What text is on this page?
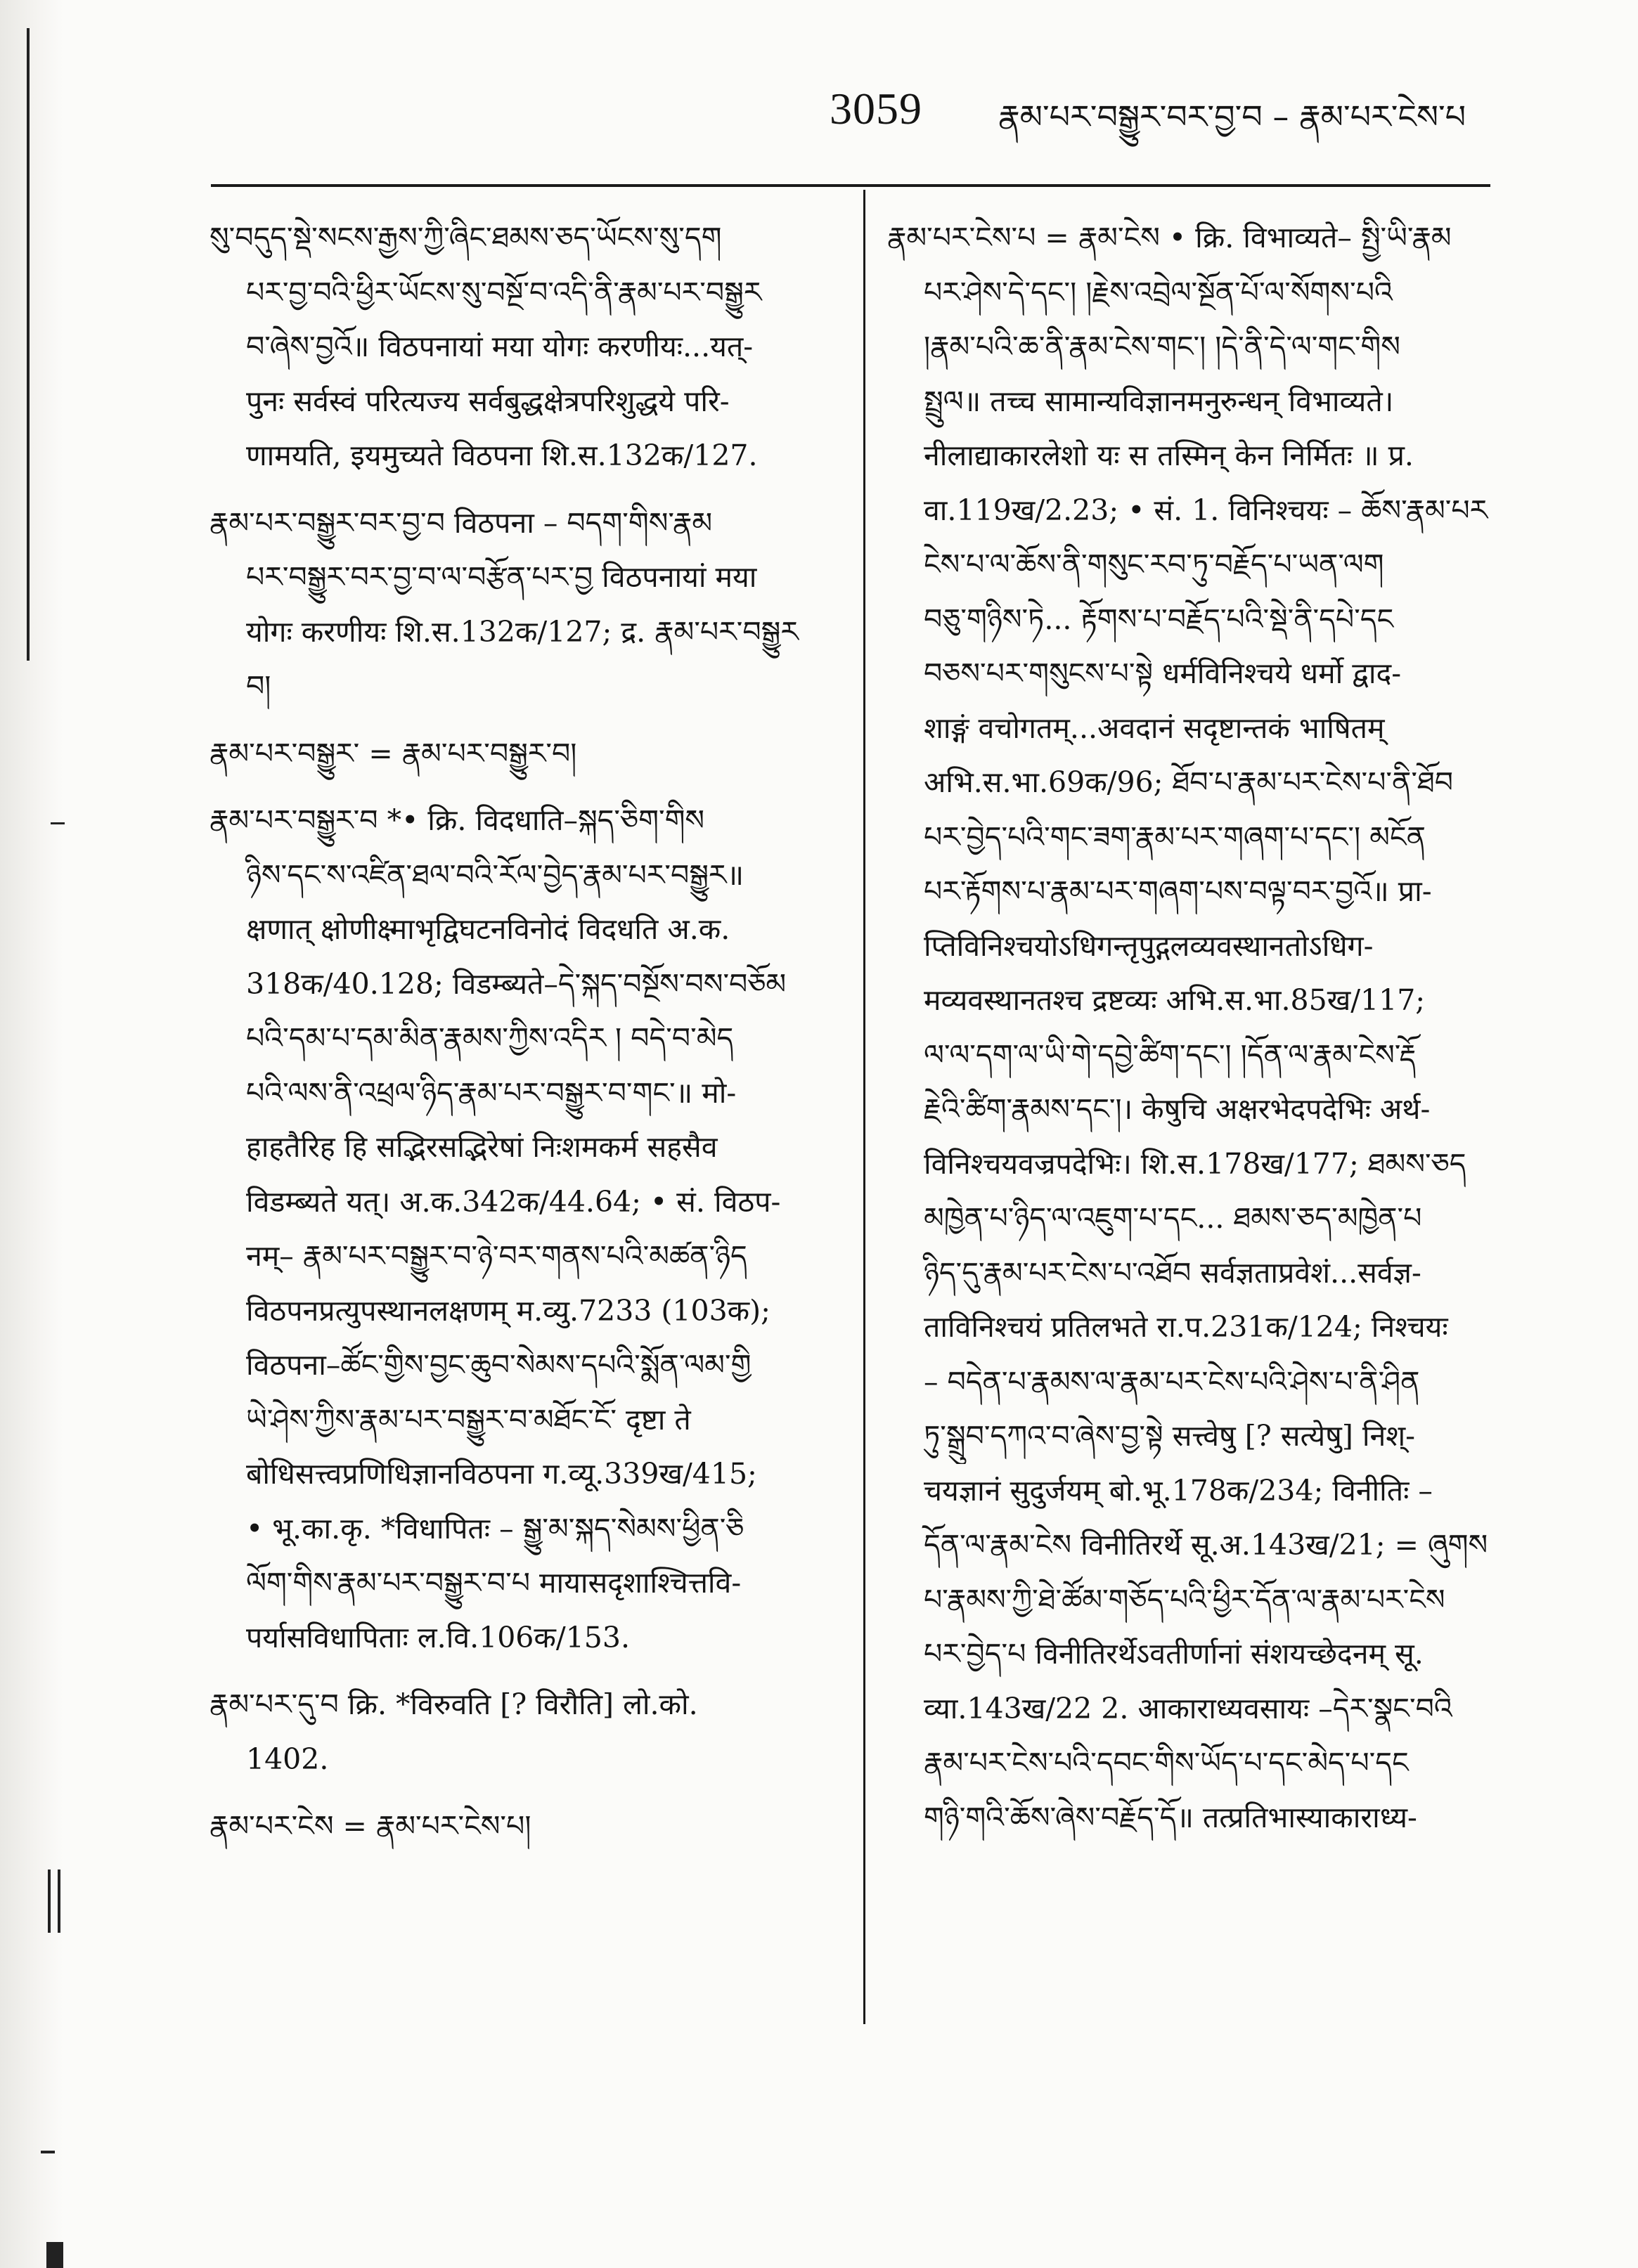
3059 རྣམ་པར་བསྒྱུར་བར་བྱ་བ – རྣམ་པར་ངེས་པ
སུ་བདུད་སྡེ་སངས་རྒྱས་ཀྱི་ཞིང་ཐམས་ཅད་ཡོངས་སུ་དག
པར་བྱ་བའི་ཕྱིར་ཡོངས་སུ་བསྔོ་བ་འདི་ནི་རྣམ་པར་བསྒྱུར
བ་ཞེས་བྱའོ॥ विठपनायां मया योगः करणीयः...यत्-
पुनः सर्वस्वं परित्यज्य सर्वबुद्धक्षेत्रपरिशुद्धये परि-
णामयति, इयमुच्यते विठपना शि.स.132क/127.
རྣམ་པར་བསྒྱུར་བར་བྱ་བ विठपना – བདག་གིས་རྣམ
པར་བསྒྱུར་བར་བྱ་བ་ལ་བརྩོན་པར་བྱ विठपनायां मया
योगः करणीयः शि.स.132क/127; द्र. རྣམ་པར་བསྒྱུར
བ།
རྣམ་པར་བསྒྱུར་ = རྣམ་པར་བསྒྱུར་བ།
རྣམ་པར་བསྒྱུར་བ *• क्रि. विदधाति–སྐད་ཅིག་གིས
ཉིས་དང་ས་འཛིན་ཐལ་བའི་རོལ་བྱེད་རྣམ་པར་བསྒྱུར॥
क्षणात् क्षोणीक्ष्माभृद्विघटनविनोदं विदधति अ.क.
318क/40.128; विडम्ब्यते–དེ་སྐད་བསྔོས་བས་བཅོམ
པའི་དམ་པ་དམ་མིན་རྣམས་ཀྱིས་འདིར ། བདེ་བ་མེད
པའི་ལས་ནི་འཕྲལ་ཉིད་རྣམ་པར་བསྒྱུར་བ་གང་॥ मो-
हाहतैरिह हि सद्भिरसद्भिरेषां निःशमकर्म सहसैव
विडम्ब्यते यत्। अ.क.342क/44.64; • सं. विठप-
नम्– རྣམ་པར་བསྒྱུར་བ་ཉེ་བར་གནས་པའི་མཚན་ཉིད
विठपनप्रत्युपस्थानलक्षणम् म.व्यु.7233 (103क);
विठपना–ཚོང་གྱིས་བྱང་ཆུབ་སེམས་དཔའི་སྨོན་ལམ་གྱི
ཡེ་ཤེས་ཀྱིས་རྣམ་པར་བསྒྱུར་བ་མཐོང་ངོ་ दृष्टा ते
बोधिसत्त्वप्रणिधिज्ञानविठपना ग.व्यू.339ख/415;
• भू.का.कृ. *विधापितः – སྒྱུ་མ་སྐད་སེམས་ཕྱིན་ཅི
ལོག་གིས་རྣམ་པར་བསྒྱུར་བ་པ मायासदृशाश्चित्तवि-
पर्यासविधापिताः ल.वि.106क/153.
རྣམ་པར་དུ་བ क्रि. *विरुवति [? विरौति] लो.को.
1402.
རྣམ་པར་ངེས = རྣམ་པར་ངེས་པ།
རྣམ་པར་ངེས་པ = རྣམ་ངེས • क्रि. विभाव्यते– སྤྱི་ཡི་རྣམ
པར་ཤེས་དེ་དང་། །རྗེས་འབྲེལ་སྔོན་པོ་ལ་སོགས་པའི
།རྣམ་པའི་ཆ་ནི་རྣམ་ངེས་གང་། །དེ་ནི་དེ་ལ་གང་གིས
སྤྲུལ॥ तच्च सामान्यविज्ञानमनुरुन्धन् विभाव्यते।
नीलाद्याकारलेशो यः स तस्मिन् केन निर्मितः ॥ प्र.
वा.119ख/2.23; • सं. 1. विनिश्चयः – ཆོས་རྣམ་པར
ངེས་པ་ལ་ཆོས་ནི་གསུང་རབ་ཏུ་བརྗོད་པ་ཡན་ལག
བཅུ་གཉིས་ཏེ... རྟོགས་པ་བརྗོད་པའི་སྡེ་ནི་དཔེ་དང
བཅས་པར་གསུངས་པ་སྟེ धर्मविनिश्चये धर्मो द्वाद-
शाङ्गं वचोगतम्...अवदानं सदृष्टान्तकं भाषितम्
अभि.स.भा.69क/96; ཐོབ་པ་རྣམ་པར་ངེས་པ་ནི་ཐོབ
པར་བྱེད་པའི་གང་ཟག་རྣམ་པར་གཞག་པ་དང་། མངོན
པར་རྟོགས་པ་རྣམ་པར་གཞག་པས་བལྟ་བར་བྱའོ॥ प्रा-
प्तिविनिश्चयोऽधिगन्तृपुद्गलव्यवस्थानतोऽधिग-
मव्यवस्थानतश्च द्रष्टव्यः अभि.स.भा.85ख/117;
ལ་ལ་དག་ལ་ཡི་གེ་དབྱེ་ཚིག་དང་། །དོན་ལ་རྣམ་ངེས་རྡོ
རྗེའི་ཚིག་རྣམས་དང་།। केषुचि अक्षरभेदपदेभिः अर्थ-
विनिश्चयवज्रपदेभिः। शि.स.178ख/177; ཐམས་ཅད
མཁྱེན་པ་ཉིད་ལ་འཇུག་པ་དང... ཐམས་ཅད་མཁྱེན་པ
ཉིད་དུ་རྣམ་པར་ངེས་པ་འཐོབ सर्वज्ञताप्रवेशं...सर्वज्ञ-
ताविनिश्चयं प्रतिलभते रा.प.231क/124; निश्चयः
– བདེན་པ་རྣམས་ལ་རྣམ་པར་ངེས་པའི་ཤེས་པ་ནི་ཤིན
ཏུ་སྒྲུབ་དཀའ་བ་ཞེས་བྱ་སྟེ सत्त्वेषु [? सत्येषु] निश्-
चयज्ञानं सुदुर्जयम् बो.भू.178क/234; विनीतिः –
དོན་ལ་རྣམ་ངེས विनीतिरर्थे सू.अ.143ख/21; = ཞུགས
པ་རྣམས་ཀྱི་ཐེ་ཚོམ་གཅོད་པའི་ཕྱིར་དོན་ལ་རྣམ་པར་ངེས
པར་བྱེད་པ विनीतिरर्थेऽवतीर्णानां संशयच्छेदनम् सू.
व्या.143ख/22 2. आकाराध्यवसायः –དེར་སྣང་བའི
རྣམ་པར་ངེས་པའི་དབང་གིས་ཡོད་པ་དང་མེད་པ་དང
གཉི་གའི་ཆོས་ཞེས་བརྗོད་དོ॥ तत्प्रतिभास्याकाराध्य-
